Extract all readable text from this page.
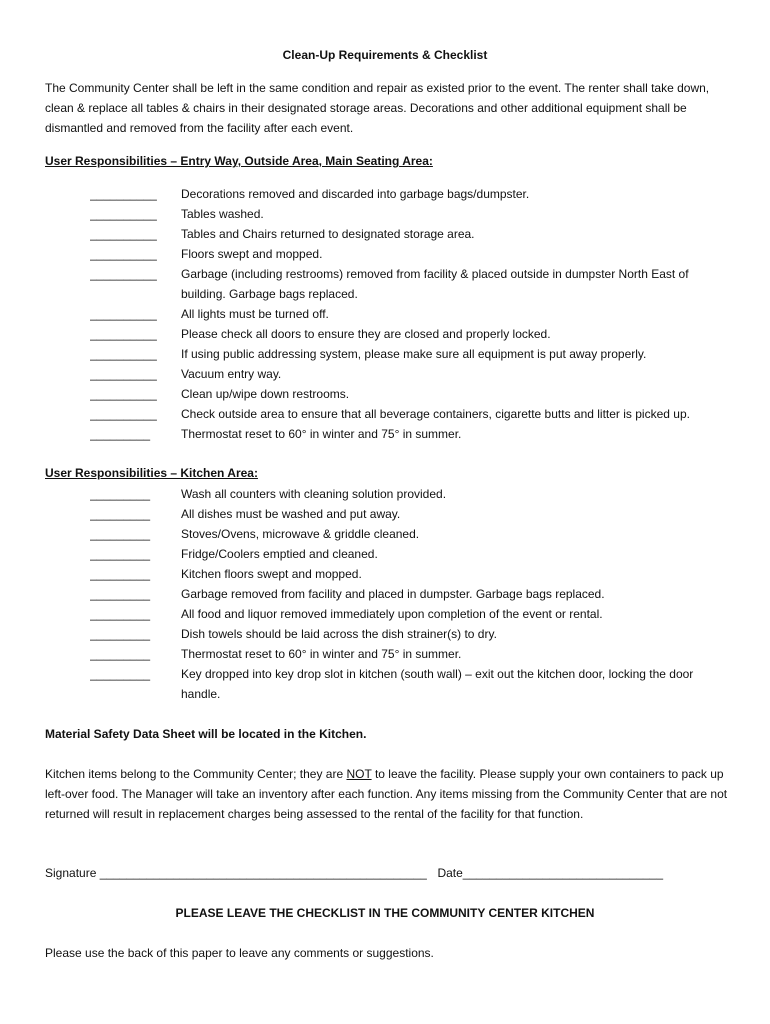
Clean-Up Requirements & Checklist
The Community Center shall be left in the same condition and repair as existed prior to the event. The renter shall take down, clean & replace all tables & chairs in their designated storage areas. Decorations and other additional equipment shall be dismantled and removed from the facility after each event.
User Responsibilities – Entry Way, Outside Area, Main Seating Area:
__________ Decorations removed and discarded into garbage bags/dumpster.
__________ Tables washed.
__________ Tables and Chairs returned to designated storage area.
__________ Floors swept and mopped.
__________ Garbage (including restrooms) removed from facility & placed outside in dumpster North East of building. Garbage bags replaced.
__________ All lights must be turned off.
__________ Please check all doors to ensure they are closed and properly locked.
__________ If using public addressing system, please make sure all equipment is put away properly.
__________ Vacuum entry way.
__________ Clean up/wipe down restrooms.
__________ Check outside area to ensure that all beverage containers, cigarette butts and litter is picked up.
_________	Thermostat reset to 60° in winter and 75° in summer.
User Responsibilities – Kitchen Area:
_________	Wash all counters with cleaning solution provided.
_________	All dishes must be washed and put away.
_________	Stoves/Ovens, microwave & griddle cleaned.
_________	Fridge/Coolers emptied and cleaned.
_________	Kitchen floors swept and mopped.
_________	Garbage removed from facility and placed in dumpster. Garbage bags replaced.
_________	All food and liquor removed immediately upon completion of the event or rental.
_________	Dish towels should be laid across the dish strainer(s) to dry.
_________	Thermostat reset to 60° in winter and 75° in summer.
_________	Key dropped into key drop slot in kitchen (south wall) – exit out the kitchen door, locking the door handle.
Material Safety Data Sheet will be located in the Kitchen.
Kitchen items belong to the Community Center; they are NOT to leave the facility. Please supply your own containers to pack up left-over food. The Manager will take an inventory after each function. Any items missing from the Community Center that are not returned will result in replacement charges being assessed to the rental of the facility for that function.
Signature _________________________________________________ Date______________________________
PLEASE LEAVE THE CHECKLIST IN THE COMMUNITY CENTER KITCHEN
Please use the back of this paper to leave any comments or suggestions.
